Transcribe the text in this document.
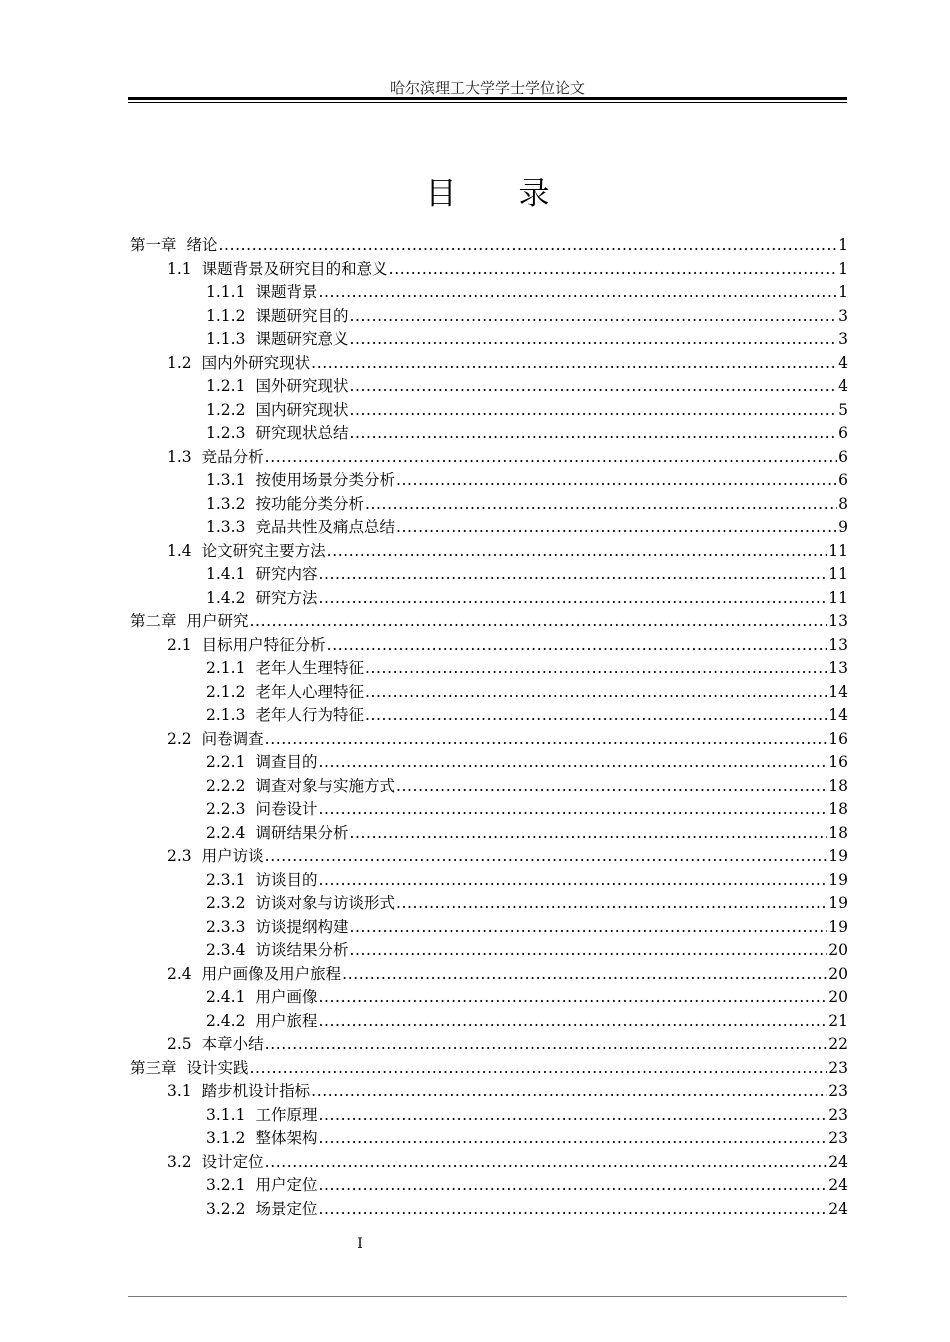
哈尔滨理工大学学士学位论文
目录
第一章 绪论 .....	1
1.1 课题背景及研究目的和意义 .....	1
1.1.1 课题背景 .....	1
1.1.2 课题研究目的 .....	3
1.1.3 课题研究意义 .....	3
1.2 国内外研究现状 .....	4
1.2.1 国外研究现状 .....	4
1.2.2 国内研究现状 .....	5
1.2.3 研究现状总结 .....	6
1.3 竞品分析 .....	6
1.3.1 按使用场景分类分析 .....	6
1.3.2 按功能分类分析 .....	8
1.3.3 竞品共性及痛点总结 .....	9
1.4 论文研究主要方法 .....	11
1.4.1 研究内容 .....	11
1.4.2 研究方法 .....	11
第二章 用户研究 .....	13
2.1 目标用户特征分析 .....	13
2.1.1 老年人生理特征 .....	13
2.1.2 老年人心理特征 .....	14
2.1.3 老年人行为特征 .....	14
2.2 问卷调查 .....	16
2.2.1 调查目的 .....	16
2.2.2 调查对象与实施方式 .....	18
2.2.3 问卷设计 .....	18
2.2.4 调研结果分析 .....	18
2.3 用户访谈 .....	19
2.3.1 访谈目的 .....	19
2.3.2 访谈对象与访谈形式 .....	19
2.3.3 访谈提纲构建 .....	19
2.3.4 访谈结果分析 .....	20
2.4 用户画像及用户旅程 .....	20
2.4.1 用户画像 .....	20
2.4.2 用户旅程 .....	21
2.5 本章小结 .....	22
第三章 设计实践 .....	23
3.1 踏步机设计指标 .....	23
3.1.1 工作原理 .....	23
3.1.2 整体架构 .....	23
3.2 设计定位 .....	24
3.2.1 用户定位 .....	24
3.2.2 场景定位 .....	24
I
